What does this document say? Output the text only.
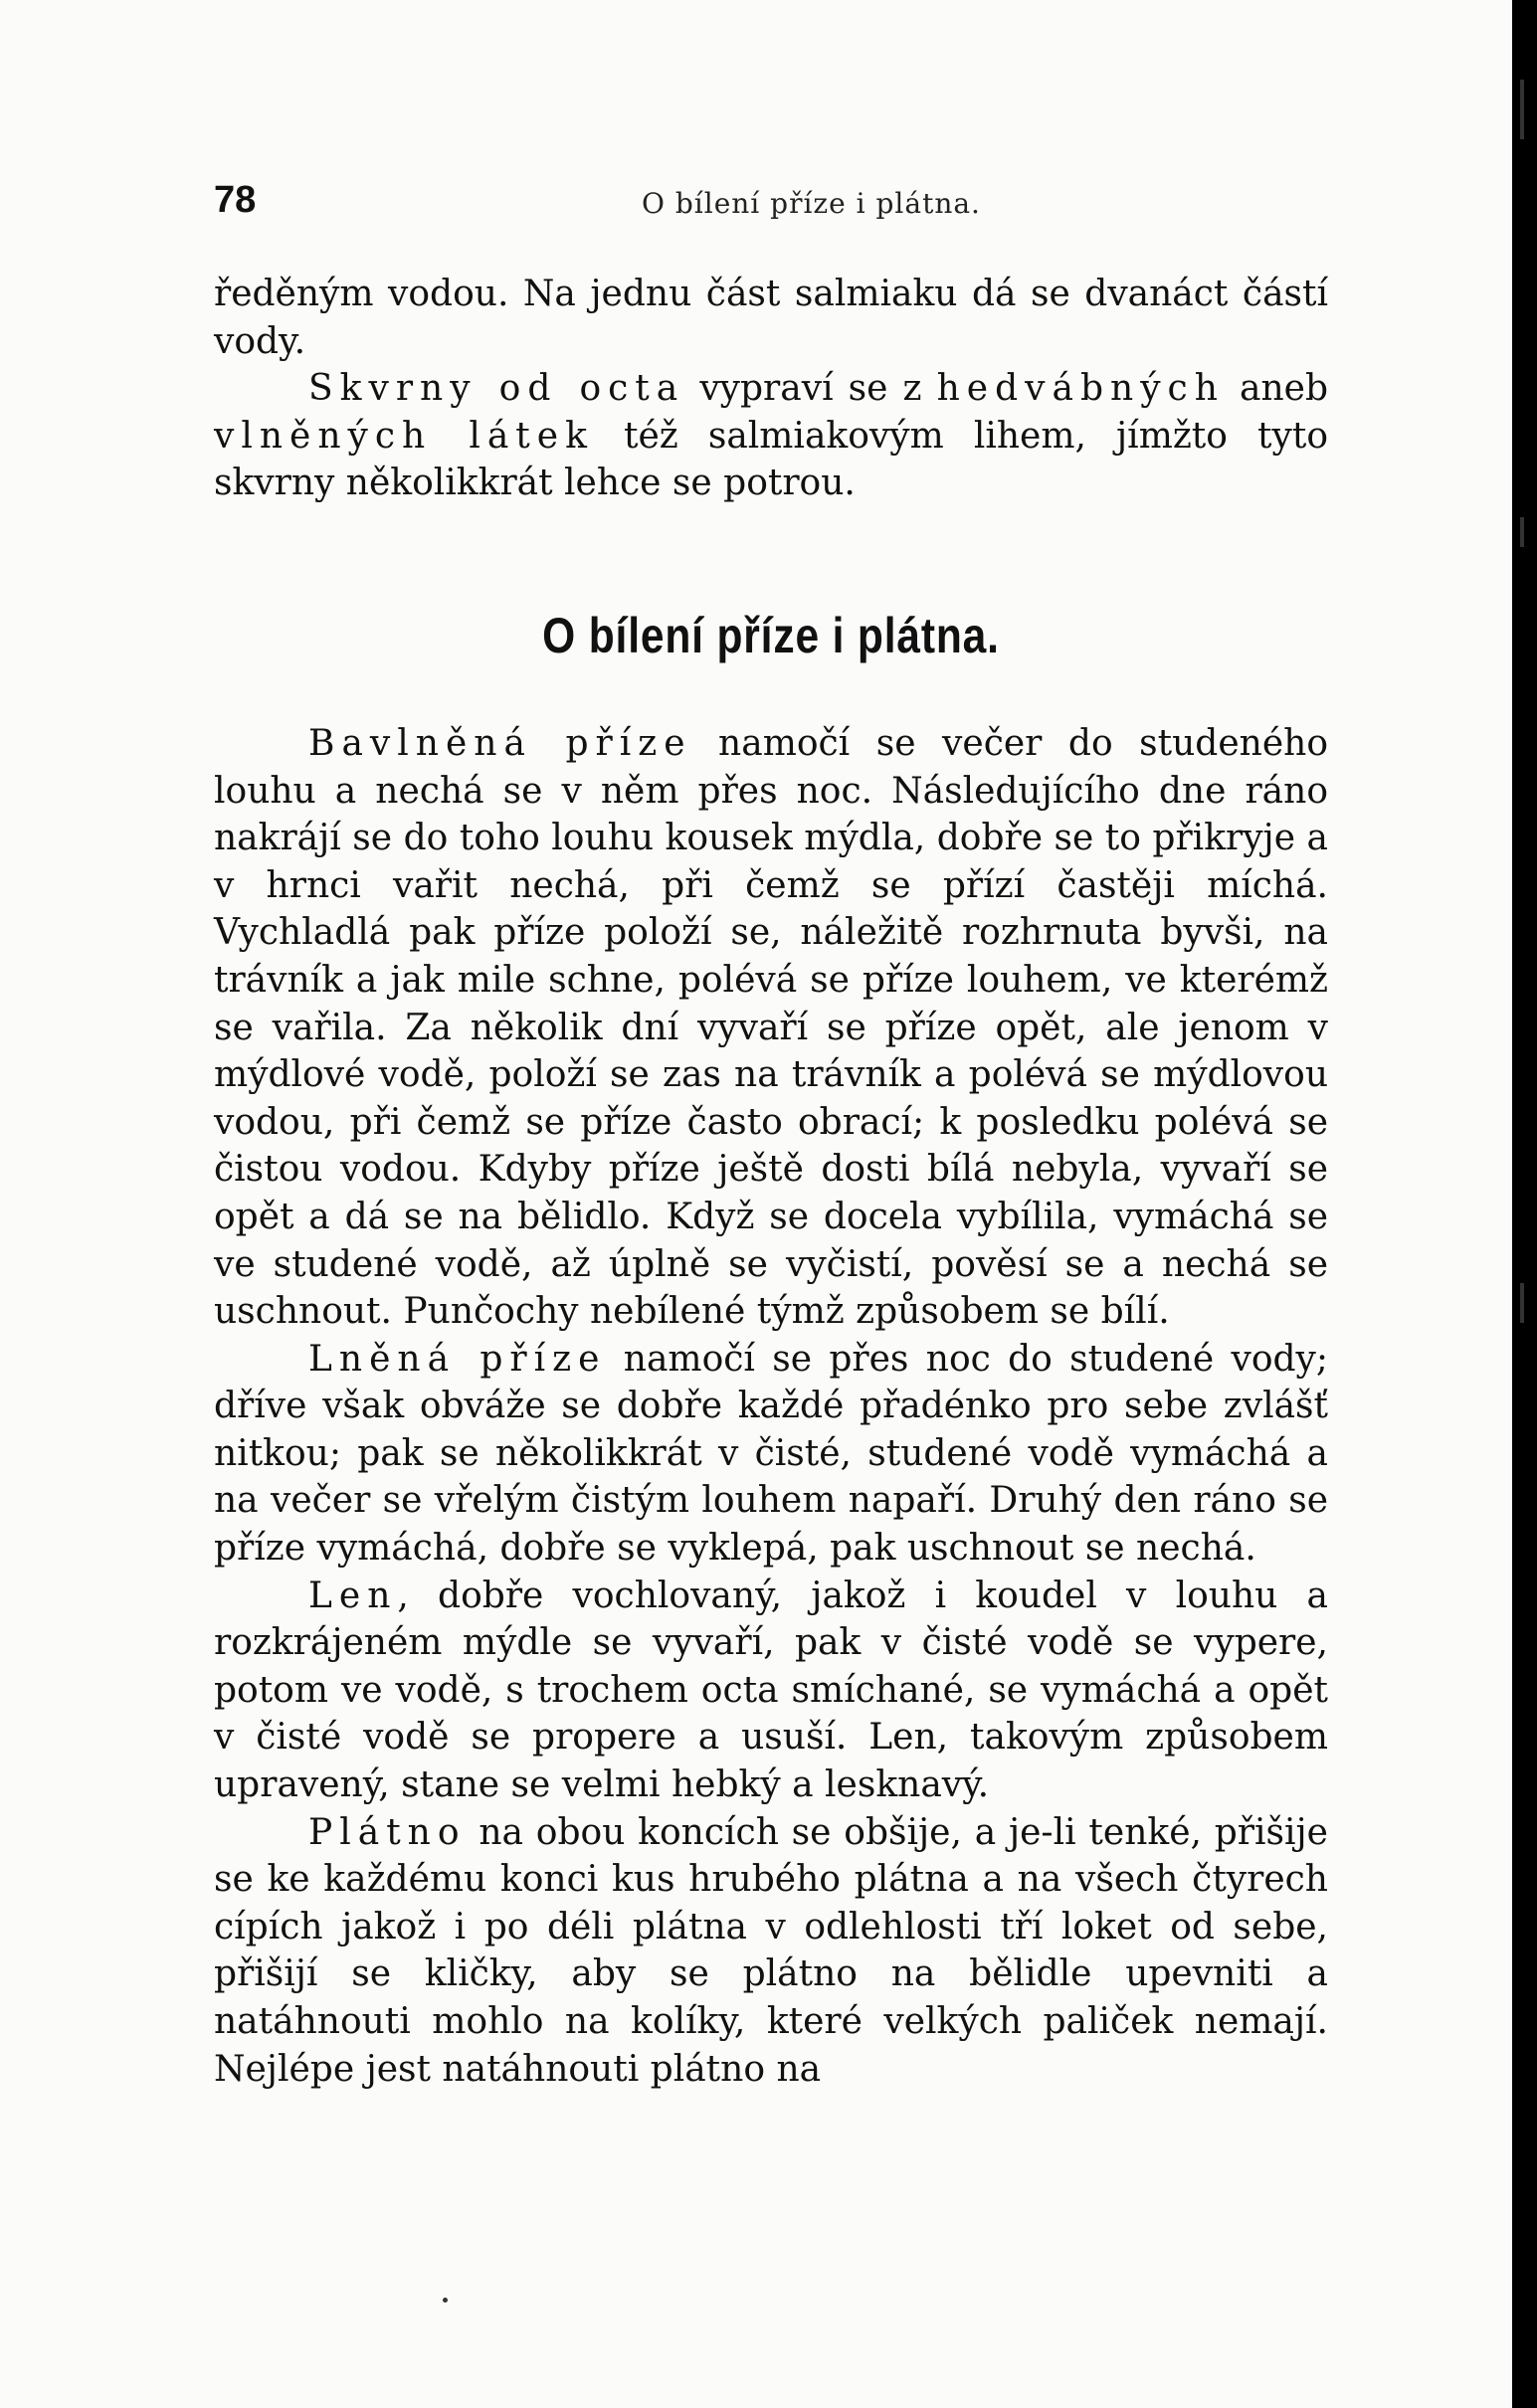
78	O bílení příze i plátna.

ředěným vodou. Na jednu část salmiaku dá se dvanáct částí vody.

Skvrny od octa vypraví se z hedvábných aneb vlněných látek též salmiakovým lihem, jímžto tyto skvrny několikkrát lehce se potrou.

O bílení příze i plátna.

Bavlněná příze namočí se večer do studeného louhu a nechá se v něm přes noc. Následujícího dne ráno nakrájí se do toho louhu kousek mýdla, dobře se to přikryje a v hrnci vařit nechá, při čemž se přízí častěji míchá. Vychladlá pak příze položí se, náležitě rozhrnuta byvši, na trávník a jak mile schne, polévá se příze louhem, ve kterémž se vařila. Za několik dní vyvaří se příze opět, ale jenom v mýdlové vodě, položí se zas na trávník a polévá se mýdlovou vodou, při čemž se příze často obrací; k posledku polévá se čistou vodou. Kdyby příze ještě dosti bílá nebyla, vyvaří se opět a dá se na bělidlo. Když se docela vybílila, vymáchá se ve studené vodě, až úplně se vyčistí, pověsí se a nechá se uschnout. Punčochy nebílené týmž způsobem se bílí.

Lněná příze namočí se přes noc do studené vody; dříve však obváže se dobře každé přadénko pro sebe zvlášť nitkou; pak se několikkrát v čisté, studené vodě vymáchá a na večer se vřelým čistým louhem napaří. Druhý den ráno se příze vymáchá, dobře se vyklepá, pak uschnout se nechá.

Len, dobře vochlovaný, jakož i koudel v louhu a rozkrájeném mýdle se vyvaří, pak v čisté vodě se vypere, potom ve vodě, s trochem octa smíchané, se vymáchá a opět v čisté vodě se propere a usuší. Len, takovým způsobem upravený, stane se velmi hebký a lesknavý.

Plátno na obou koncích se obšije, a je-li tenké, přišije se ke každému konci kus hrubého plátna a na všech čtyrech cípích jakož i po déli plátna v odlehlosti tří loket od sebe, přišijí se kličky, aby se plátno na bělidle upevniti a natáhnouti mohlo na kolíky, které velkých paliček nemají. Nejlépe jest natáhnouti plátno na
